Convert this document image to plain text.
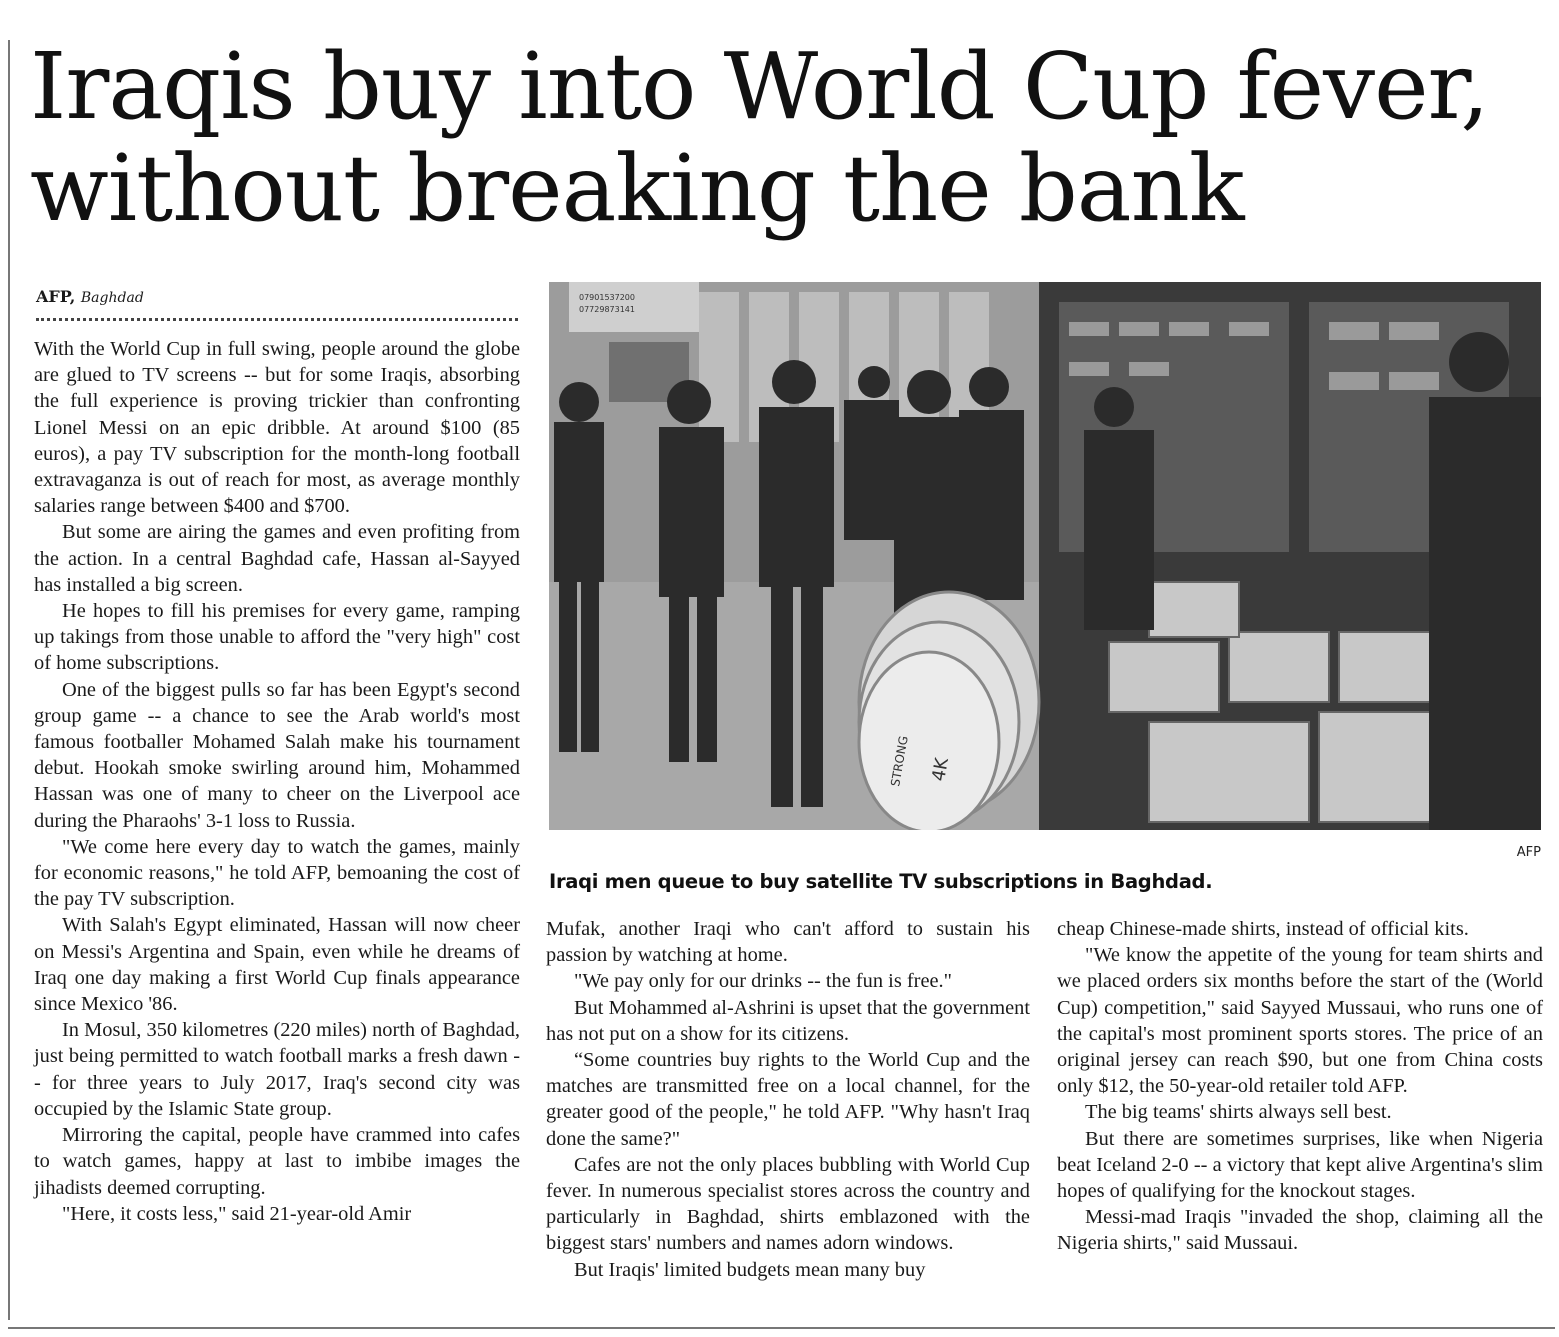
Iraqis buy into World Cup fever,
without breaking the bank
AFP, Baghdad

With the World Cup in full swing, people around the globe are glued to TV screens -- but for some Iraqis, absorbing the full experience is proving trickier than confronting Lionel Messi on an epic dribble. At around $100 (85 euros), a pay TV subscription for the month-long football extravaganza is out of reach for most, as average monthly salaries range between $400 and $700.

But some are airing the games and even profiting from the action. In a central Baghdad cafe, Hassan al-Sayyed has installed a big screen.

He hopes to fill his premises for every game, ramping up takings from those unable to afford the "very high" cost of home subscriptions.

One of the biggest pulls so far has been Egypt's second group game -- a chance to see the Arab world's most famous footballer Mohamed Salah make his tournament debut. Hookah smoke swirling around him, Mohammed Hassan was one of many to cheer on the Liverpool ace during the Pharaohs' 3-1 loss to Russia.

"We come here every day to watch the games, mainly for economic reasons," he told AFP, bemoaning the cost of the pay TV subscription.

With Salah's Egypt eliminated, Hassan will now cheer on Messi's Argentina and Spain, even while he dreams of Iraq one day making a first World Cup finals appearance since Mexico '86.

In Mosul, 350 kilometres (220 miles) north of Baghdad, just being permitted to watch football marks a fresh dawn -- for three years to July 2017, Iraq's second city was occupied by the Islamic State group.

Mirroring the capital, people have crammed into cafes to watch games, happy at last to imbibe images the jihadists deemed corrupting.

"Here, it costs less," said 21-year-old Amir

07901537200
07729873141
STRONG 4K
AFP
Iraqi men queue to buy satellite TV subscriptions in Baghdad.

Mufak, another Iraqi who can't afford to sustain his passion by watching at home.

"We pay only for our drinks -- the fun is free."

But Mohammed al-Ashrini is upset that the government has not put on a show for its citizens.

“Some countries buy rights to the World Cup and the matches are transmitted free on a local channel, for the greater good of the people," he told AFP. "Why hasn't Iraq done the same?"

Cafes are not the only places bubbling with World Cup fever. In numerous specialist stores across the country and particularly in Baghdad, shirts emblazoned with the biggest stars' numbers and names adorn windows.

But Iraqis' limited budgets mean many buy

cheap Chinese-made shirts, instead of official kits.

"We know the appetite of the young for team shirts and we placed orders six months before the start of the (World Cup) competition," said Sayyed Mussaui, who runs one of the capital's most prominent sports stores. The price of an original jersey can reach $90, but one from China costs only $12, the 50-year-old retailer told AFP.

The big teams' shirts always sell best.

But there are sometimes surprises, like when Nigeria beat Iceland 2-0 -- a victory that kept alive Argentina's slim hopes of qualifying for the knockout stages.

Messi-mad Iraqis "invaded the shop, claiming all the Nigeria shirts," said Mussaui.
